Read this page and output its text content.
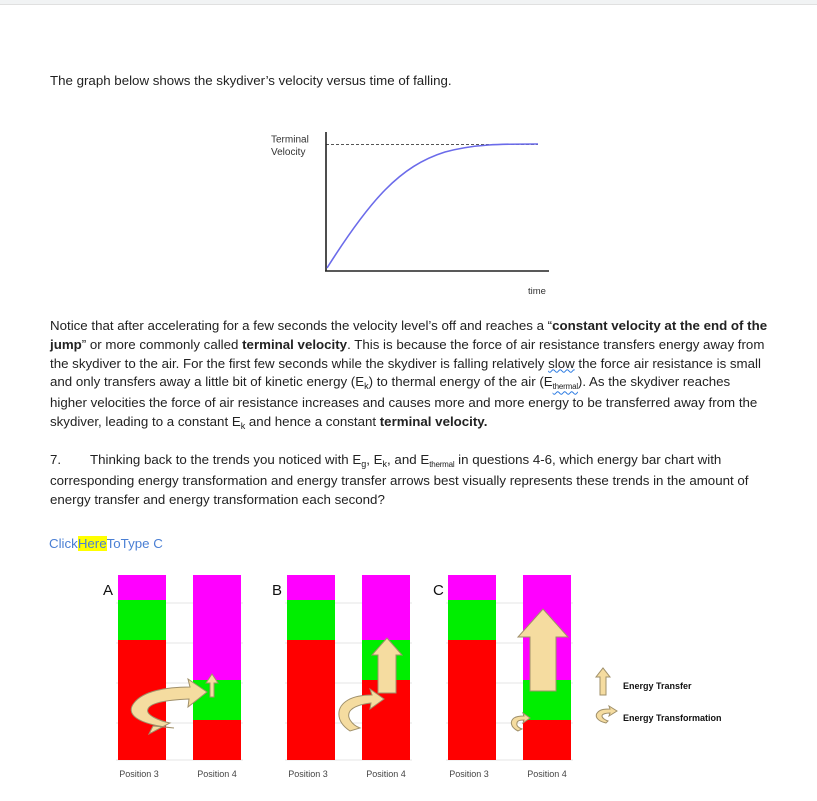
The graph below shows the skydiver’s velocity versus time of falling.
Terminal
Velocity
time
Notice that after accelerating for a few seconds the velocity level’s off and reaches a “constant velocity at the end of the jump” or more commonly called terminal velocity. This is because the force of air resistance transfers energy away from the skydiver to the air. For the first few seconds while the skydiver is falling relatively slow the force air resistance is small and only transfers away a little bit of kinetic energy $(E_k)$ to thermal energy of the air $(E_{thermal})$. As the skydiver reaches higher velocities the force of air resistance increases and causes more and more energy to be transferred away from the skydiver, leading to a constant $E_k$ and hence a constant terminal velocity.
7. Thinking back to the trends you noticed with $E_g$, $E_k$, and $E_{thermal}$ in questions 4-6, which energy bar chart with corresponding energy transformation and energy transfer arrows best visually represents these trends in the amount of energy transfer and energy transformation each second?
ClickHereToType C
A
Position 3	Position 4
B
Position 3	Position 4
C
Position 3	Position 4
Energy Transfer
Energy Transformation
